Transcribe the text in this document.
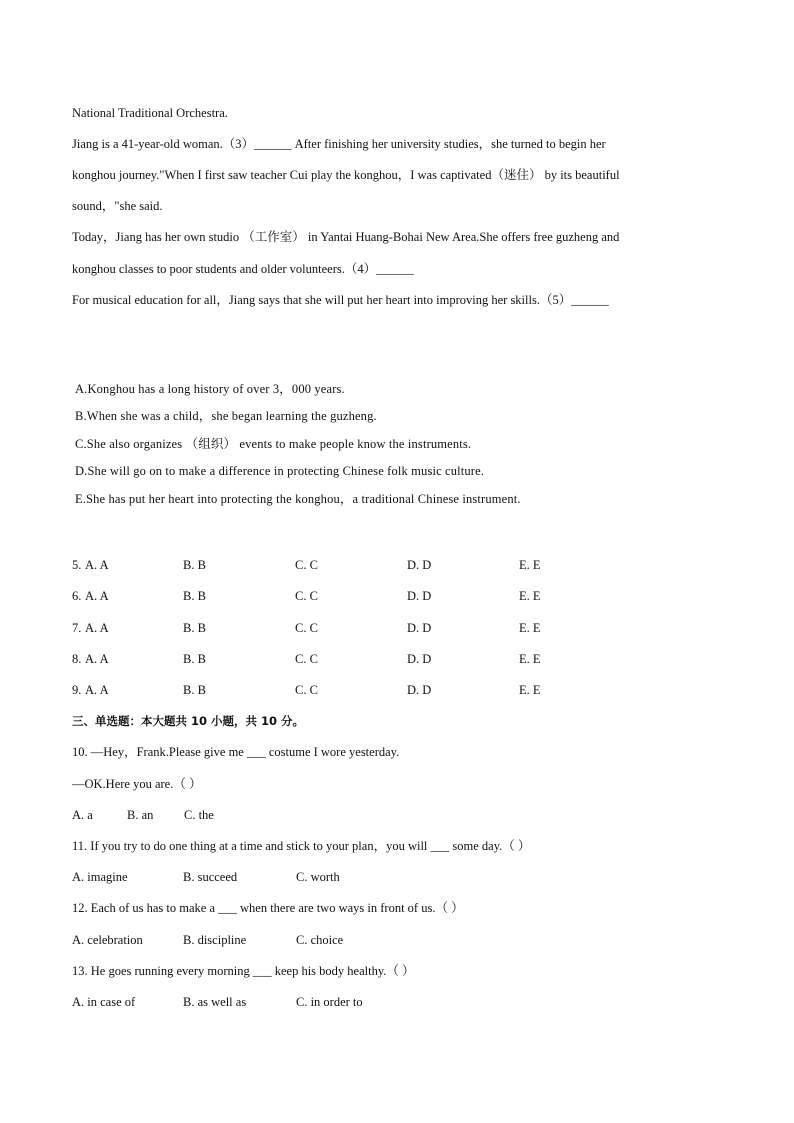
National Traditional Orchestra.
Jiang is a 41-year-old woman.（3）______ After finishing her university studies，she turned to begin her
konghou journey."When I first saw teacher Cui play the konghou，I was captivated（迷住） by its beautiful
sound，"she said.
Today，Jiang has her own studio （工作室） in Yantai Huang-Bohai New Area.She offers free guzheng and
konghou classes to poor students and older volunteers.（4）______
For musical education for all，Jiang says that she will put her heart into improving her skills.（5）______
A.Konghou has a long history of over 3，000 years.
B.When she was a child，she began learning the guzheng.
C.She also organizes （组织） events to make people know the instruments.
D.She will go on to make a difference in protecting Chinese folk music culture.
E.She has put her heart into protecting the konghou，a traditional Chinese instrument.
5. A. A	B. B	C. C	D. D	E. E
6. A. A	B. B	C. C	D. D	E. E
7. A. A	B. B	C. C	D. D	E. E
8. A. A	B. B	C. C	D. D	E. E
9. A. A	B. B	C. C	D. D	E. E
三、单选题：本大题共 10 小题，共 10 分。
10. —Hey，Frank.Please give me ___ costume I wore yesterday.
—OK.Here you are.（ ）
A. a	B. an C. the
11. If you try to do one thing at a time and stick to your plan，you will ___ some day.（ ）
A. imagine	B. succeed	C. worth
12. Each of us has to make a ___ when there are two ways in front of us.（ ）
A. celebration	B. discipline	C. choice
13. He goes running every morning ___ keep his body healthy.（ ）
A. in case of	B. as well as	C. in order to
